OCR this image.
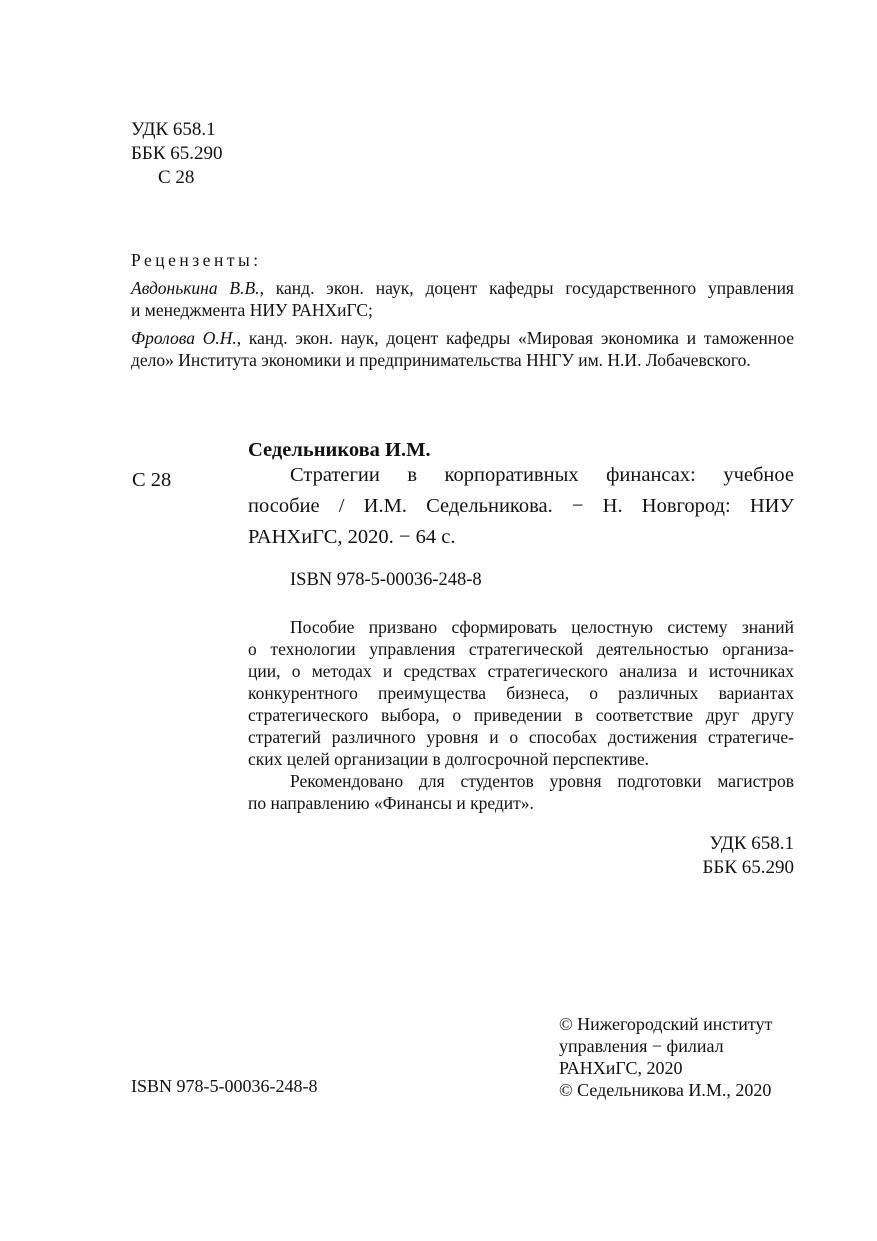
УДК 658.1
ББК 65.290
С 28
Рецензенты:
Авдонькина В.В., канд. экон. наук, доцент кафедры государственного управления
и менеджмента НИУ РАНХиГС;
Фролова О.Н., канд. экон. наук, доцент кафедры «Мировая экономика и таможенное
дело» Института экономики и предпринимательства ННГУ им. Н.И. Лобачевского.
Седельникова И.М.
С 28	Стратегии в корпоративных финансах: учебное
пособие / И.М. Седельникова. − Н. Новгород: НИУ
РАНХиГС, 2020. − 64 с.
ISBN 978-5-00036-248-8
Пособие призвано сформировать целостную систему знаний
о технологии управления стратегической деятельностью организа-
ции, о методах и средствах стратегического анализа и источниках
конкурентного преимущества бизнеса, о различных вариантах
стратегического выбора, о приведении в соответствие друг другу
стратегий различного уровня и о способах достижения стратегиче-
ских целей организации в долгосрочной перспективе.
Рекомендовано для студентов уровня подготовки магистров
по направлению «Финансы и кредит».
УДК 658.1
ББК 65.290
© Нижегородский институт
управления − филиал
РАНХиГС, 2020
© Седельникова И.М., 2020
ISBN 978-5-00036-248-8
